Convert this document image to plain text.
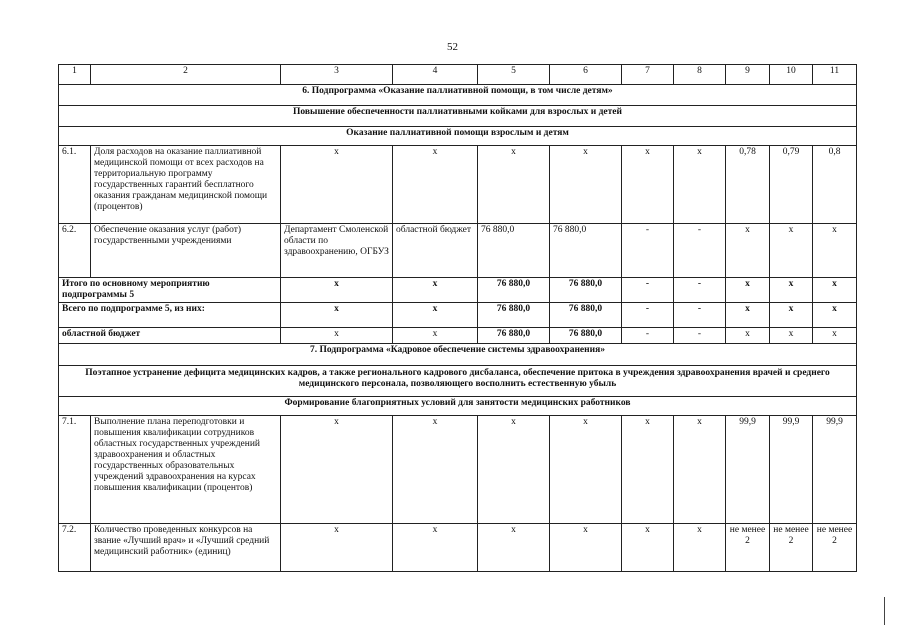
52
1	2	3	4	5	6	7	8	9	10	11
6. Подпрограмма «Оказание паллиативной помощи, в том числе детям»										
Повышение обеспеченности паллиативными койками для взрослых и детей										
Оказание паллиативной помощи взрослым и детям										
6.1.	Доля расходов на оказание паллиативной медицинской помощи от всех расходов на территориальную программу государственных гарантий бесплатного оказания гражданам медицинской помощи (процентов)	х	х	х	х	х	х	0,78	0,79	0,8
6.2.	Обеспечение оказания услуг (работ) государственными учреждениями	Департамент Смоленской области по здравоохранению, ОГБУЗ	областной бюджет	76 880,0	76 880,0	-	-	х	х	х
Итого по основному мероприятию подпрограммы 5		х	х	76 880,0	76 880,0	-	-	х	х	х
Всего по подпрограмме 5, из них:		х	х	76 880,0	76 880,0	-	-	х	х	х
областной бюджет		х	х	76 880,0	76 880,0	-	-	х	х	х
7. Подпрограмма «Кадровое обеспечение системы здравоохранения»										
Поэтапное устранение дефицита медицинских кадров, а также регионального кадрового дисбаланса, обеспечение притока в учреждения здравоохранения врачей и среднего медицинского персонала, позволяющего восполнить естественную убыль										
Формирование благоприятных условий для занятости медицинских работников										
7.1.	Выполнение плана переподготовки и повышения квалификации сотрудников областных государственных учреждений здравоохранения и областных государственных образовательных учреждений здравоохранения на курсах повышения квалификации (процентов)	х	х	х	х	х	х	99,9	99,9	99,9
7.2.	Количество проведенных конкурсов на звание «Лучший врач» и «Лучший средний медицинский работник» (единиц)	х	х	х	х	х	х	не менее 2	не менее 2	не менее 2
